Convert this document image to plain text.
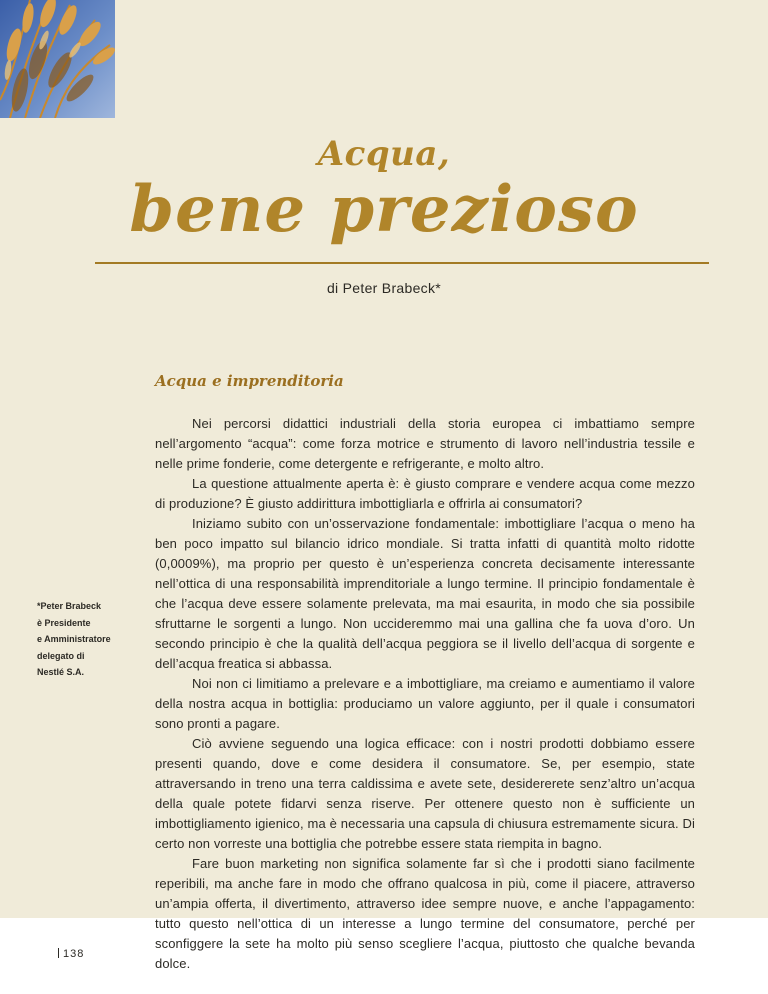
Acqua,
bene prezioso
di Peter Brabeck*
Acqua e imprenditoria

Nei percorsi didattici industriali della storia europea ci imbattiamo sempre nell’argomento “acqua”: come forza motrice e strumento di lavoro nell’industria tessile e nelle prime fonderie, come detergente e refrigerante, e molto altro.

La questione attualmente aperta è: è giusto comprare e vendere acqua come mezzo di produzione? È giusto addirittura imbottigliarla e offrirla ai consumatori?

Iniziamo subito con un’osservazione fondamentale: imbottigliare l’acqua o meno ha ben poco impatto sul bilancio idrico mondiale. Si tratta infatti di quantità molto ridotte (0,0009%), ma proprio per questo è un’esperienza concreta decisamente interessante nell’ottica di una responsabilità imprenditoriale a lungo termine. Il principio fondamentale è che l’acqua deve essere solamente prelevata, ma mai esaurita, in modo che sia possibile sfruttarne le sorgenti a lungo. Non uccideremmo mai una gallina che fa uova d’oro. Un secondo principio è che la qualità dell’acqua peggiora se il livello dell’acqua di sorgente e dell’acqua freatica si abbassa.

Noi non ci limitiamo a prelevare e a imbottigliare, ma creiamo e aumentiamo il valore della nostra acqua in bottiglia: produciamo un valore aggiunto, per il quale i consumatori sono pronti a pagare.

Ciò avviene seguendo una logica efficace: con i nostri prodotti dobbiamo essere presenti quando, dove e come desidera il consumatore. Se, per esempio, state attraversando in treno una terra caldissima e avete sete, desidererete senz’altro un’acqua della quale potete fidarvi senza riserve. Per ottenere questo non è sufficiente un imbottigliamento igienico, ma è necessaria una capsula di chiusura estremamente sicura. Di certo non vorreste una bottiglia che potrebbe essere stata riempita in bagno.

Fare buon marketing non significa solamente far sì che i prodotti siano facilmente reperibili, ma anche fare in modo che offrano qualcosa in più, come il piacere, attraverso un’ampia offerta, il divertimento, attraverso idee sempre nuove, e anche l’appagamento: tutto questo nell’ottica di un interesse a lungo termine del consumatore, perché per sconfiggere la sete ha molto più senso scegliere l’acqua, piuttosto che qualche bevanda dolce.

*Peter Brabeck
è Presidente
e Amministratore
delegato di
Nestlé S.A.
138
